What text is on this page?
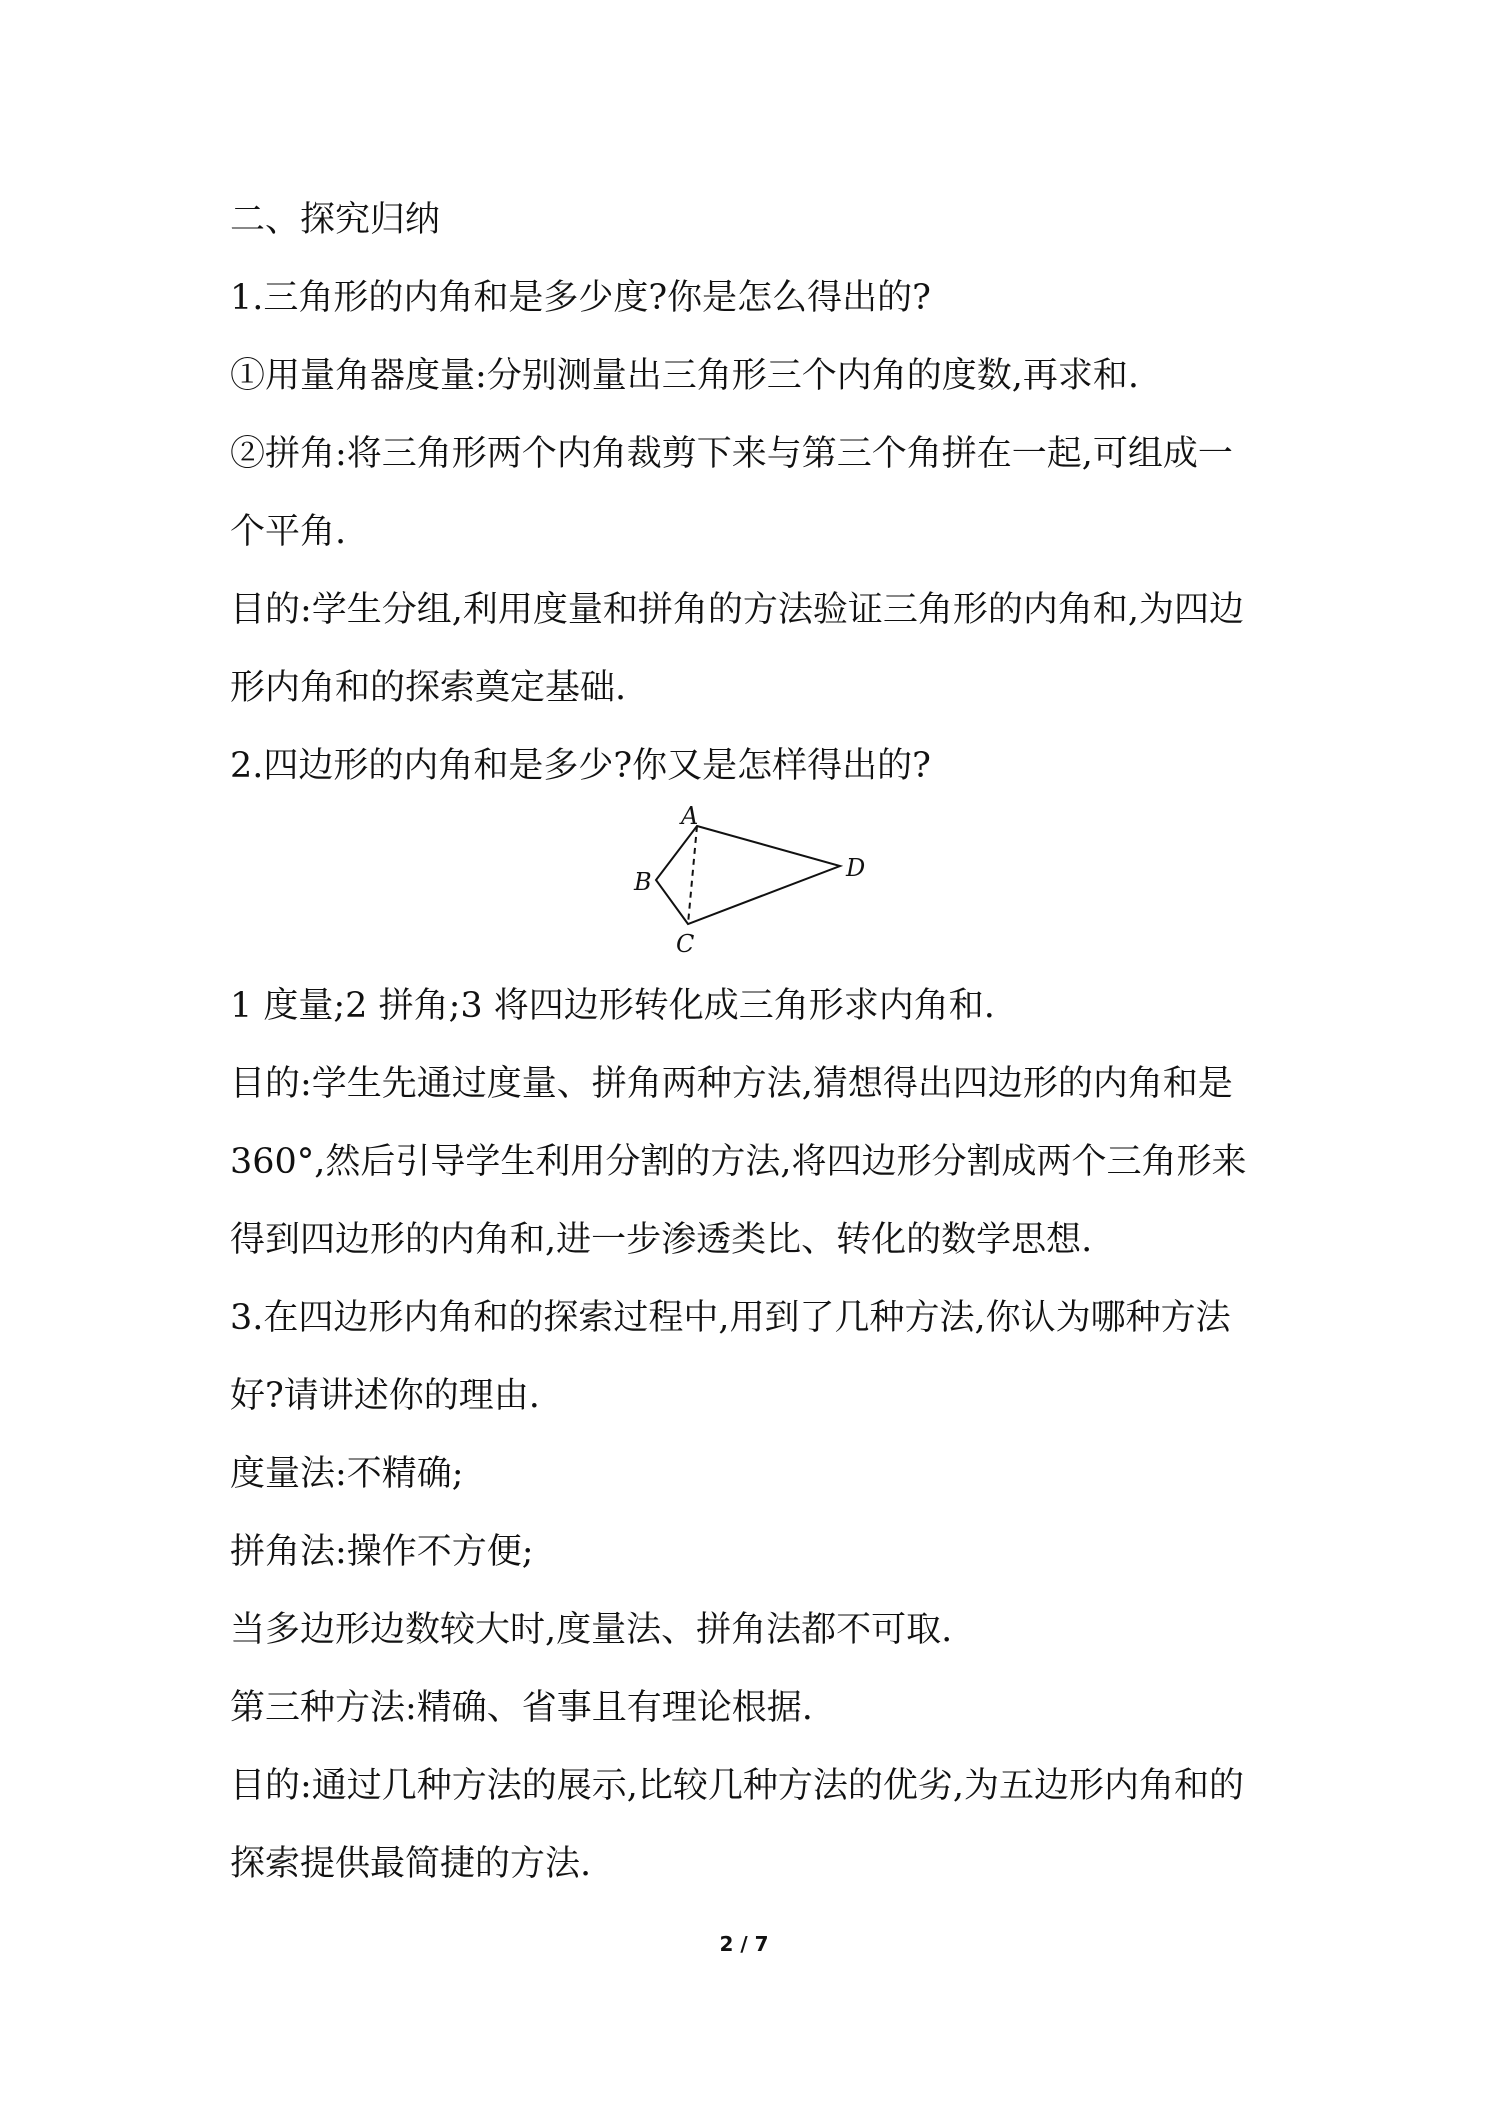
二、探究归纳
1.三角形的内角和是多少度?你是怎么得出的?
①用量角器度量:分别测量出三角形三个内角的度数,再求和.
②拼角:将三角形两个内角裁剪下来与第三个角拼在一起,可组成一
个平角.
目的:学生分组,利用度量和拼角的方法验证三角形的内角和,为四边
形内角和的探索奠定基础.
2.四边形的内角和是多少?你又是怎样得出的?
A
B
C
D
1 度量;2 拼角;3 将四边形转化成三角形求内角和.
目的:学生先通过度量、拼角两种方法,猜想得出四边形的内角和是
360°,然后引导学生利用分割的方法,将四边形分割成两个三角形来
得到四边形的内角和,进一步渗透类比、转化的数学思想.
3.在四边形内角和的探索过程中,用到了几种方法,你认为哪种方法
好?请讲述你的理由.
度量法:不精确;
拼角法:操作不方便;
当多边形边数较大时,度量法、拼角法都不可取.
第三种方法:精确、省事且有理论根据.
目的:通过几种方法的展示,比较几种方法的优劣,为五边形内角和的
探索提供最简捷的方法.
2 / 7
